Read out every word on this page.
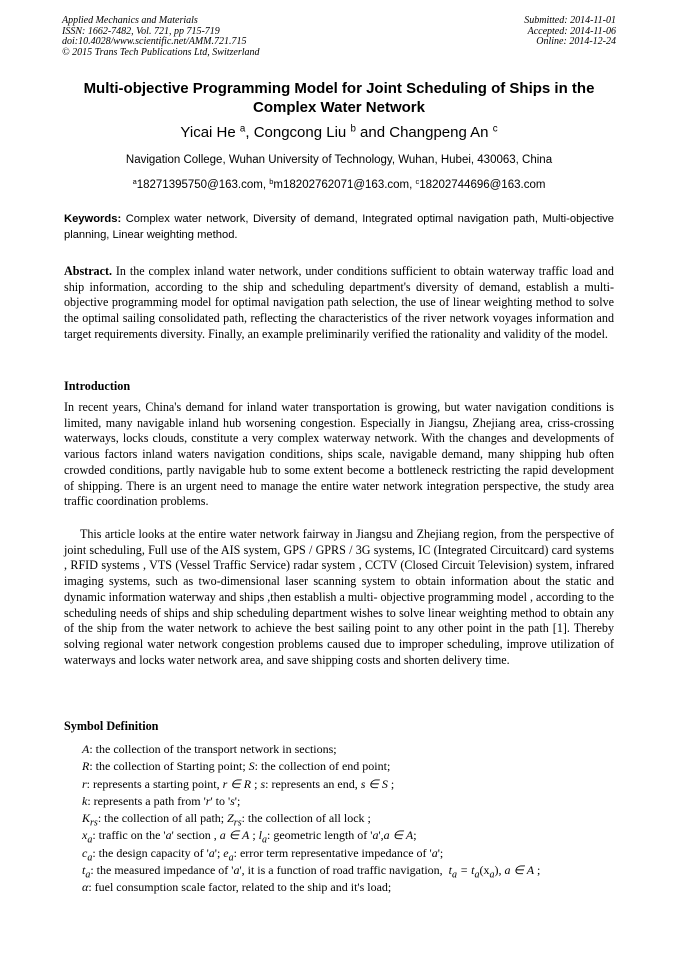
Applied Mechanics and Materials
ISSN: 1662-7482, Vol. 721, pp 715-719
doi:10.4028/www.scientific.net/AMM.721.715
© 2015 Trans Tech Publications Ltd, Switzerland
Submitted: 2014-11-01
Accepted: 2014-11-06
Online: 2014-12-24
Multi-objective Programming Model for Joint Scheduling of Ships in the
Complex Water Network
Yicai He $^a$, Congcong Liu $^b$ and Changpeng An $^c$
Navigation College, Wuhan University of Technology, Wuhan, Hubei, 430063, China
$^a$18271395750@163.com, $^b$m18202762071@163.com, $^c$18202744696@163.com
Keywords: Complex water network, Diversity of demand, Integrated optimal navigation path, Multi-objective planning, Linear weighting method.
Abstract. In the complex inland water network, under conditions sufficient to obtain waterway traffic load and ship information, according to the ship and scheduling department's diversity of demand, establish a multi- objective programming model for optimal navigation path selection, the use of linear weighting method to solve the optimal sailing consolidated path, reflecting the characteristics of the river network voyages information and target requirements diversity. Finally, an example preliminarily verified the rationality and validity of the model.
Introduction
In recent years, China's demand for inland water transportation is growing, but water navigation conditions is limited, many navigable inland hub worsening congestion. Especially in Jiangsu, Zhejiang area, criss-crossing waterways, locks clouds, constitute a very complex waterway network. With the changes and developments of various factors inland waters navigation conditions, ships scale, navigable demand, many shipping hub often crowded conditions, partly navigable hub to some extent become a bottleneck restricting the rapid development of shipping. There is an urgent need to manage the entire water network integration perspective, the study area traffic coordination problems.
This article looks at the entire water network fairway in Jiangsu and Zhejiang region, from the perspective of joint scheduling, Full use of the AIS system, GPS / GPRS / 3G systems, IC (Integrated Circuitcard) card systems , RFID systems , VTS (Vessel Traffic Service) radar system , CCTV (Closed Circuit Television) system, infrared imaging systems, such as two-dimensional laser scanning system to obtain information about the static and dynamic information waterway and ships ,then establish a multi- objective programming model , according to the scheduling needs of ships and ship scheduling department wishes to solve linear weighting method to obtain any of the ship from the water network to achieve the best sailing point to any other point in the path [1]. Thereby solving regional water network congestion problems caused due to improper scheduling, improve utilization of waterways and locks water network area, and save shipping costs and shorten delivery time.
Symbol Definition
A: the collection of the transport network in sections;
R: the collection of Starting point; S: the collection of end point;
r: represents a starting point, r ∈ R ; s: represents an end, s ∈ S ;
k: represents a path from 'r' to 's';
$K_{rs}$: the collection of all path; $Z_{rs}$: the collection of all lock ;
$x_a$: traffic on the 'a' section , a ∈ A ; $l_a$: geometric length of 'a',a ∈ A;
$c_a$: the design capacity of 'a'; $e_a$: error term representative impedance of 'a';
$t_a$: the measured impedance of 'a', it is a function of road traffic navigation, $t_a = t_a(x_a)$, a ∈ A ;
α: fuel consumption scale factor, related to the ship and it's load;
